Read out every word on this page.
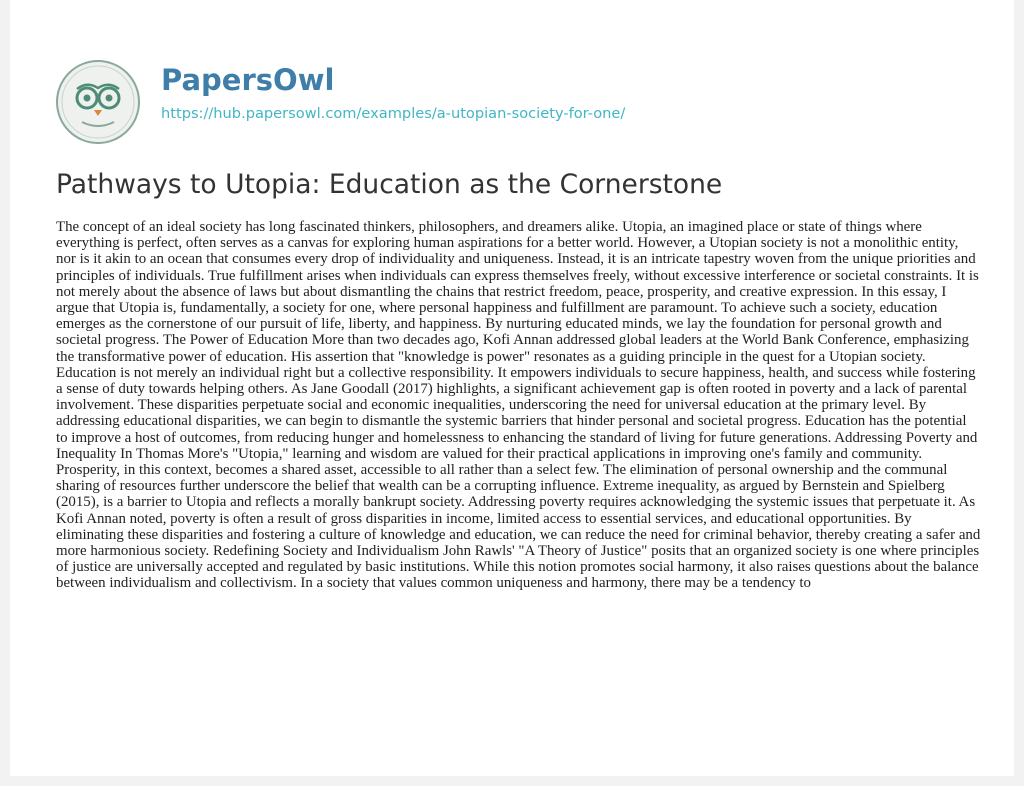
PapersOwl
https://hub.papersowl.com/examples/a-utopian-society-for-one/
Pathways to Utopia: Education as the Cornerstone

The concept of an ideal society has long fascinated thinkers, philosophers, and dreamers alike. Utopia, an imagined place or state of things where everything is perfect, often serves as a canvas for exploring human aspirations for a better world. However, a Utopian society is not a monolithic entity, nor is it akin to an ocean that consumes every drop of individuality and uniqueness. Instead, it is an intricate tapestry woven from the unique priorities and principles of individuals. True fulfillment arises when individuals can express themselves freely, without excessive interference or societal constraints. It is not merely about the absence of laws but about dismantling the chains that restrict freedom, peace, prosperity, and creative expression. In this essay, I argue that Utopia is, fundamentally, a society for one, where personal happiness and fulfillment are paramount. To achieve such a society, education emerges as the cornerstone of our pursuit of life, liberty, and happiness. By nurturing educated minds, we lay the foundation for personal growth and societal progress. The Power of Education More than two decades ago, Kofi Annan addressed global leaders at the World Bank Conference, emphasizing the transformative power of education. His assertion that "knowledge is power" resonates as a guiding principle in the quest for a Utopian society. Education is not merely an individual right but a collective responsibility. It empowers individuals to secure happiness, health, and success while fostering a sense of duty towards helping others. As Jane Goodall (2017) highlights, a significant achievement gap is often rooted in poverty and a lack of parental involvement. These disparities perpetuate social and economic inequalities, underscoring the need for universal education at the primary level. By addressing educational disparities, we can begin to dismantle the systemic barriers that hinder personal and societal progress. Education has the potential to improve a host of outcomes, from reducing hunger and homelessness to enhancing the standard of living for future generations. Addressing Poverty and Inequality In Thomas More's "Utopia," learning and wisdom are valued for their practical applications in improving one's family and community. Prosperity, in this context, becomes a shared asset, accessible to all rather than a select few. The elimination of personal ownership and the communal sharing of resources further underscore the belief that wealth can be a corrupting influence. Extreme inequality, as argued by Bernstein and Spielberg (2015), is a barrier to Utopia and reflects a morally bankrupt society. Addressing poverty requires acknowledging the systemic issues that perpetuate it. As Kofi Annan noted, poverty is often a result of gross disparities in income, limited access to essential services, and educational opportunities. By eliminating these disparities and fostering a culture of knowledge and education, we can reduce the need for criminal behavior, thereby creating a safer and more harmonious society. Redefining Society and Individualism John Rawls' "A Theory of Justice" posits that an organized society is one where principles of justice are universally accepted and regulated by basic institutions. While this notion promotes social harmony, it also raises questions about the balance between individualism and collectivism. In a society that values common uniqueness and harmony, there may be a tendency to
